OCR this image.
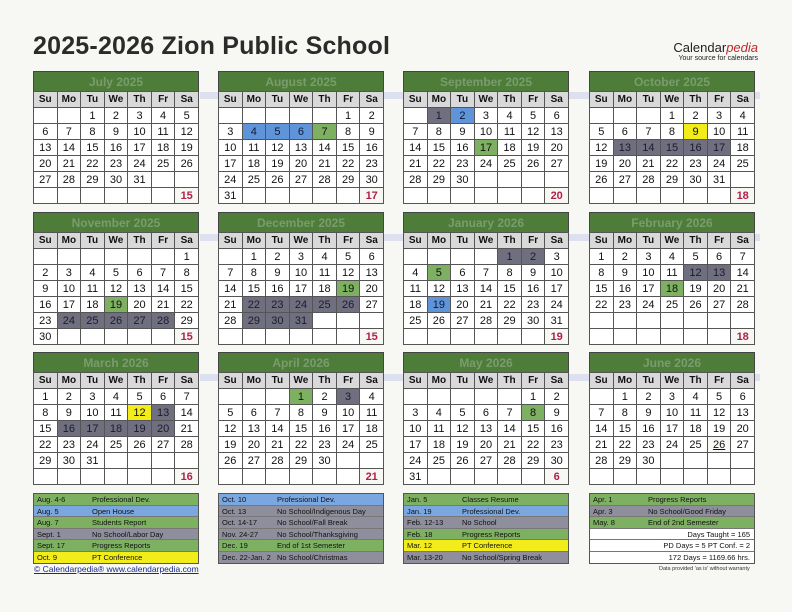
2025-2026 Zion Public School	Calendarpedia
Your source for calendars
July 2025
Su	Mo	Tu	We	Th	Fr	Sa
		1	2	3	4	5
6	7	8	9	10	11	12
13	14	15	16	17	18	19
20	21	22	23	24	25	26
27	28	29	30	31		
						15
August 2025
Su	Mo	Tu	We	Th	Fr	Sa
					1	2
3	4	5	6	7	8	9
10	11	12	13	14	15	16
17	18	19	20	21	22	23
24	25	26	27	28	29	30
31						17
September 2025
Su	Mo	Tu	We	Th	Fr	Sa
	1	2	3	4	5	6
7	8	9	10	11	12	13
14	15	16	17	18	19	20
21	22	23	24	25	26	27
28	29	30				
						20
October 2025
Su	Mo	Tu	We	Th	Fr	Sa
			1	2	3	4
5	6	7	8	9	10	11
12	13	14	15	16	17	18
19	20	21	22	23	24	25
26	27	28	29	30	31	
						18
November 2025
Su	Mo	Tu	We	Th	Fr	Sa
						1
2	3	4	5	6	7	8
9	10	11	12	13	14	15
16	17	18	19	20	21	22
23	24	25	26	27	28	29
30						15
December 2025
Su	Mo	Tu	We	Th	Fr	Sa
	1	2	3	4	5	6
7	8	9	10	11	12	13
14	15	16	17	18	19	20
21	22	23	24	25	26	27
28	29	30	31			
						15
January 2026
Su	Mo	Tu	We	Th	Fr	Sa
				1	2	3
4	5	6	7	8	9	10
11	12	13	14	15	16	17
18	19	20	21	22	23	24
25	26	27	28	29	30	31
						19
February 2026
Su	Mo	Tu	We	Th	Fr	Sa
1	2	3	4	5	6	7
8	9	10	11	12	13	14
15	16	17	18	19	20	21
22	23	24	25	26	27	28

						18
March 2026
Su	Mo	Tu	We	Th	Fr	Sa
1	2	3	4	5	6	7
8	9	10	11	12	13	14
15	16	17	18	19	20	21
22	23	24	25	26	27	28
29	30	31				
						16
April 2026
Su	Mo	Tu	We	Th	Fr	Sa
			1	2	3	4
5	6	7	8	9	10	11
12	13	14	15	16	17	18
19	20	21	22	23	24	25
26	27	28	29	30		
						21
May 2026
Su	Mo	Tu	We	Th	Fr	Sa
					1	2
3	4	5	6	7	8	9
10	11	12	13	14	15	16
17	18	19	20	21	22	23
24	25	26	27	28	29	30
31						6
June 2026
Su	Mo	Tu	We	Th	Fr	Sa
	1	2	3	4	5	6
7	8	9	10	11	12	13
14	15	16	17	18	19	20
21	22	23	24	25	26	27
28	29	30				

Aug. 4-6	Professional Dev.
Aug. 5	Open House
Aug. 7	Students Report
Sept. 1	No School/Labor Day
Sept. 17	Progress Reports
Oct. 9	PT Conference
Oct. 10	Professional Dev.
Oct. 13	No School/Indigenous Day
Oct. 14-17	No School/Fall Break
Nov. 24-27	No School/Thanksgiving
Dec. 19	End of 1st Semester
Dec. 22-Jan. 2 No School/Christmas
Jan. 5	Classes Resume
Jan. 19	Professional Dev.
Feb. 12-13	No School
Feb. 18	Progress Reports
Mar. 12	PT Conference
Mar. 13-20	No School/Spring Break
Apr. 1	Progress Reports
Apr. 3	No School/Good Friday
May. 8	End of 2nd Semester
Days Taught = 165
PD Days = 5 PT Conf. = 2
172 Days = 1169.66 hrs.
© Calendarpedia® www.calendarpedia.com	Data provided 'as is' without warranty
